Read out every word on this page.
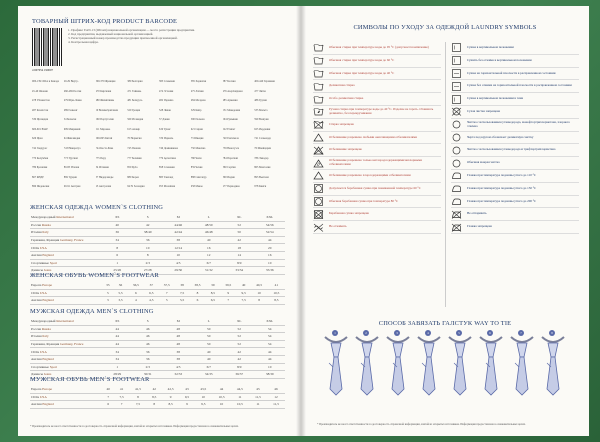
ТОВАРНЫЙ ШТРИХ-КОД PRODUCT BARCODE
4 607054 190007
1. Префикс EAN-13 (Штамп) национальной организации — место регистрации предприятия.
2. Код предприятия, выдаваемый национальной организацией.
3. Регистрационный номер производства продукции присвоенной организацией.
4. Контрольная цифра.
000-139 США и Канада 20-29 Внутр.	300-379 Франция	380 Болгария	383 Словения	385 Хорватия	387 Босния	400-440 Германия
45-49 Япония	460-469 Россия	470 Киргизия	471 Тайвань	474 Эстония	475 Латвия	476 Азербайджан	477 Литва
478 Узбекистан	479 Шри-Ланка	480 Филиппины	481 Беларусь	482 Украина	484 Молдова	485 Армения	486 Грузия
487 Казахстан	489 Гонконг	50 Великобритания	520 Греция	528 Ливан	529 Кипр	531 Македония	535 Мальта
539 Ирландия	54 Бельгия	560 Португалия	569 Исландия	57 Дания	590 Польша	594 Румыния	599 Венгрия
600-601 ЮАР	609 Маврикий	611 Марокко	613 Алжир	619 Тунис	621 Сирия	622 Египет	625 Иордания
626 Иран	64 Финляндия	690-695 Китай	70 Норвегия	729 Израиль	73 Швеция	740 Гватемала	741 Сальвадор
742 Гондурас	743 Никарагуа	744 Коста-Рика	745 Панама	746 Доминикана	750 Мексика	759 Венесуэла	76 Швейцария
770 Колумбия	773 Уругвай	775 Перу	777 Боливия	779 Аргентина	780 Чили	784 Парагвай	786 Эквадор
789 Бразилия	80-83 Италия	84 Испания	850 Куба	858 Словакия	859 Чехия	860 Сербия	865 Монголия
867 КНДР	869 Турция	87 Нидерланды	880 Корея	885 Таиланд	888 Сингапур	890 Индия	893 Вьетнам
899 Индонезия	90-91 Австрия	93 Австралия	94 Н. Зеландия	955 Малайзия	958 Макао	977 Периодика	978 Книги
ЖЕНСКАЯ ОДЕЖДА WOMEN`S CLOTHING
Международный International	XS	S	M	L	XL	XXL
Россия Russia	40	42	44/46	48/50	52	54/56
Италия Italy	36	38/40	42/44	46/48	50	52/54
Германия, Франция Germany, France	34	36	38	40	42	44
США USA	8	10	12/14	16	18	20
Англия England	6	8	10	12	14	16
Спортивные Sport	1	2/3	4/5	6/7	8/9	10
Джинсы Jeans	25/26	27/28	29/30	31/32	33/34	35/36
ЖЕНСКАЯ ОБУВЬ WOMEN`S FOOTWEAR
Европа Europe	35	36	36,5	37	37,5	38	38,5	39	39,5	40	40,5	41
США USA	5	5,5	6	6,5	7	7,5	8	8,5	9	9,5	10	10,5
Англия England	3	3,5	4	4,5	5	5,5	6	6,5	7	7,5	8	8,5
МУЖСКАЯ ОДЕЖДА MEN`S CLOTHING
Международный International	XS	S	M	L	XL	XXL
Россия Russia	44	46	48	50	52	54
Италия Italy	44	46	48	50	52	54
Германия, Франция Germany, France	44	46	48	50	52	54
США USA	34	36	38	40	42	44
Англия England	34	36	38	40	42	44
Спортивные Sport	1	2/3	4/5	6/7	8/9	10
Джинсы Jeans	28/29	30/31	32/33	34/35	36/37	38/39
МУЖСКАЯ ОБУВЬ MEN`S FOOTWEAR
Европа Europe	40	41	41,5	42	42,5	43	43,5	44	44,5	45	46
США USA	7	7,5	8	8,5	9	9,5	10	10,5	11	11,5	12
Англия England	6	7	7,5	8	8,5	9	9,5	10	10,5	11	11,5
* Производитель не несет ответственности за достоверность справочной информации, взятой из открытых источников. Информация предоставлена в ознакомительных целях.
СИМВОЛЫ ПО УХОДУ ЗА ОДЕЖДОЙ LAUNDRY SYMBOLS
Обычная стирка при температуре воды до 95 °C (допускается кипячение)
Обычная стирка при температуре воды до 60 °C
Обычная стирка при температуре воды до 40 °C
Деликатная стирка
Особо деликатная стирка
Ручная стирка при температуре воды до 40 °C. Изделие не тереть. Отжимать деликатно, без перекручивания
Стирка запрещена
Отбеливание разрешено любыми окисляющими отбеливателями
Отбеливание запрещено
Отбеливание разрешено только кислородсодержащими/нехлорными отбеливателями
Отбеливание разрешено хлорсодержащими отбеливателями
Допускается барабанная сушка при пониженной температуре 60 °C
Обычная барабанная сушка при температуре 80 °C
Барабанная сушка запрещена
Не отжимать
Сушка в вертикальном положении
Сушить без отжима в вертикальном положении
Сушка на горизонтальной плоскости в расправленном состоянии
Сушка без отжима на горизонтальной плоскости в расправленном состоянии
Сушка в вертикальном положении в тени
Сухая чистка запрещена
Чистка с использованием углеводорода, монофтортрихлорметана, хлорного этилена
Черта под кругом обозначает деликатную чистку
Чистка с использованием углеводорода и трифтортрихлорметана
Обычная мокрая чистка
Глажка при температуре подошвы утюга до 110 °C
Глажка при температуре подошвы утюга до 150 °C
Глажка при температуре подошвы утюга до 200 °C
Не отпаривать
Глажка запрещена
СПОСОБ ЗАВЯЗАТЬ ГАЛСТУК WAY TO TIE
1	2	3	4	5	6	7	8
* Производитель не несет ответственности за достоверность справочной информации, взятой из открытых источников. Информация предоставлена в ознакомительных целях.
